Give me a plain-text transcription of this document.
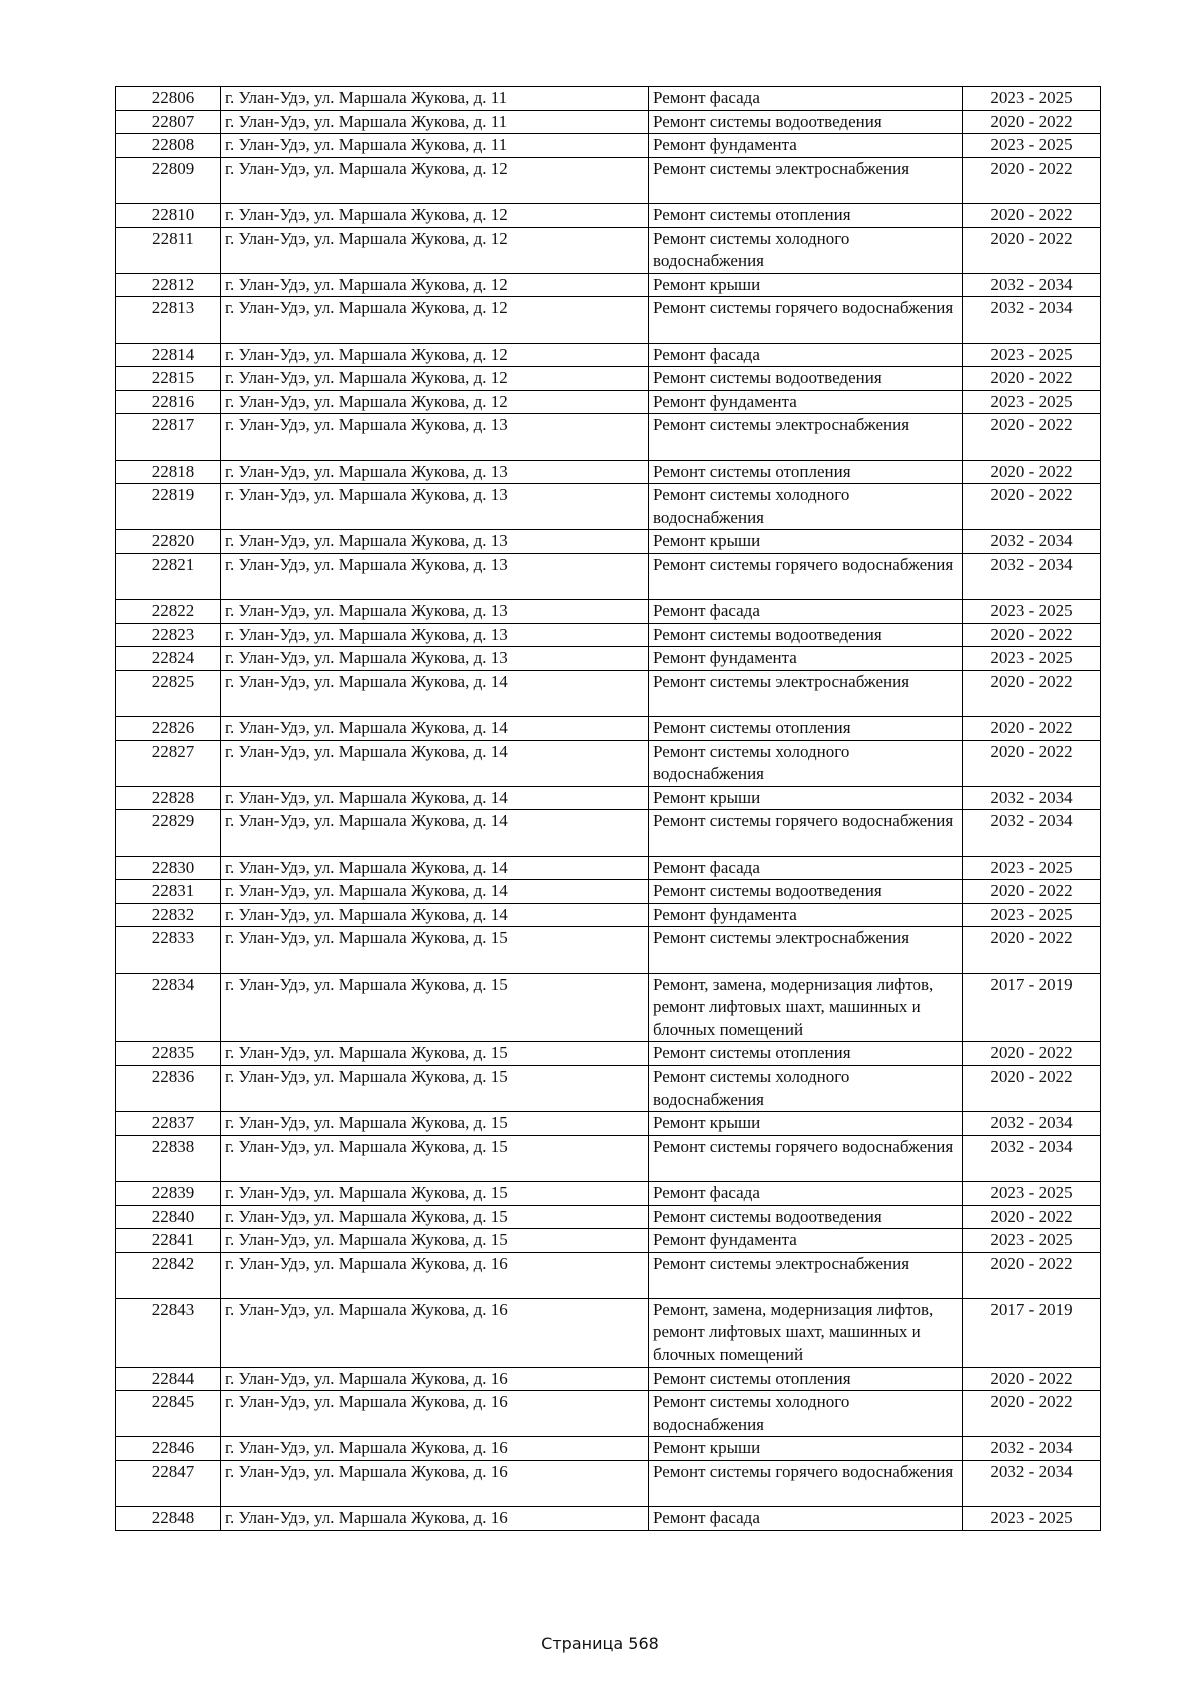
22806	г. Улан-Удэ, ул. Маршала Жукова, д. 11	Ремонт фасада	2023 - 2025
22807	г. Улан-Удэ, ул. Маршала Жукова, д. 11	Ремонт системы водоотведения	2020 - 2022
22808	г. Улан-Удэ, ул. Маршала Жукова, д. 11	Ремонт фундамента	2023 - 2025
22809	г. Улан-Удэ, ул. Маршала Жукова, д. 12	Ремонт системы электроснабжения	2020 - 2022
22810	г. Улан-Удэ, ул. Маршала Жукова, д. 12	Ремонт системы отопления	2020 - 2022
22811	г. Улан-Удэ, ул. Маршала Жукова, д. 12	Ремонт системы холодного водоснабжения	2020 - 2022
22812	г. Улан-Удэ, ул. Маршала Жукова, д. 12	Ремонт крыши	2032 - 2034
22813	г. Улан-Удэ, ул. Маршала Жукова, д. 12	Ремонт системы горячего водоснабжения	2032 - 2034
22814	г. Улан-Удэ, ул. Маршала Жукова, д. 12	Ремонт фасада	2023 - 2025
22815	г. Улан-Удэ, ул. Маршала Жукова, д. 12	Ремонт системы водоотведения	2020 - 2022
22816	г. Улан-Удэ, ул. Маршала Жукова, д. 12	Ремонт фундамента	2023 - 2025
22817	г. Улан-Удэ, ул. Маршала Жукова, д. 13	Ремонт системы электроснабжения	2020 - 2022
22818	г. Улан-Удэ, ул. Маршала Жукова, д. 13	Ремонт системы отопления	2020 - 2022
22819	г. Улан-Удэ, ул. Маршала Жукова, д. 13	Ремонт системы холодного водоснабжения	2020 - 2022
22820	г. Улан-Удэ, ул. Маршала Жукова, д. 13	Ремонт крыши	2032 - 2034
22821	г. Улан-Удэ, ул. Маршала Жукова, д. 13	Ремонт системы горячего водоснабжения	2032 - 2034
22822	г. Улан-Удэ, ул. Маршала Жукова, д. 13	Ремонт фасада	2023 - 2025
22823	г. Улан-Удэ, ул. Маршала Жукова, д. 13	Ремонт системы водоотведения	2020 - 2022
22824	г. Улан-Удэ, ул. Маршала Жукова, д. 13	Ремонт фундамента	2023 - 2025
22825	г. Улан-Удэ, ул. Маршала Жукова, д. 14	Ремонт системы электроснабжения	2020 - 2022
22826	г. Улан-Удэ, ул. Маршала Жукова, д. 14	Ремонт системы отопления	2020 - 2022
22827	г. Улан-Удэ, ул. Маршала Жукова, д. 14	Ремонт системы холодного водоснабжения	2020 - 2022
22828	г. Улан-Удэ, ул. Маршала Жукова, д. 14	Ремонт крыши	2032 - 2034
22829	г. Улан-Удэ, ул. Маршала Жукова, д. 14	Ремонт системы горячего водоснабжения	2032 - 2034
22830	г. Улан-Удэ, ул. Маршала Жукова, д. 14	Ремонт фасада	2023 - 2025
22831	г. Улан-Удэ, ул. Маршала Жукова, д. 14	Ремонт системы водоотведения	2020 - 2022
22832	г. Улан-Удэ, ул. Маршала Жукова, д. 14	Ремонт фундамента	2023 - 2025
22833	г. Улан-Удэ, ул. Маршала Жукова, д. 15	Ремонт системы электроснабжения	2020 - 2022
22834	г. Улан-Удэ, ул. Маршала Жукова, д. 15	Ремонт, замена, модернизация лифтов, ремонт лифтовых шахт, машинных и блочных помещений	2017 - 2019
22835	г. Улан-Удэ, ул. Маршала Жукова, д. 15	Ремонт системы отопления	2020 - 2022
22836	г. Улан-Удэ, ул. Маршала Жукова, д. 15	Ремонт системы холодного водоснабжения	2020 - 2022
22837	г. Улан-Удэ, ул. Маршала Жукова, д. 15	Ремонт крыши	2032 - 2034
22838	г. Улан-Удэ, ул. Маршала Жукова, д. 15	Ремонт системы горячего водоснабжения	2032 - 2034
22839	г. Улан-Удэ, ул. Маршала Жукова, д. 15	Ремонт фасада	2023 - 2025
22840	г. Улан-Удэ, ул. Маршала Жукова, д. 15	Ремонт системы водоотведения	2020 - 2022
22841	г. Улан-Удэ, ул. Маршала Жукова, д. 15	Ремонт фундамента	2023 - 2025
22842	г. Улан-Удэ, ул. Маршала Жукова, д. 16	Ремонт системы электроснабжения	2020 - 2022
22843	г. Улан-Удэ, ул. Маршала Жукова, д. 16	Ремонт, замена, модернизация лифтов, ремонт лифтовых шахт, машинных и блочных помещений	2017 - 2019
22844	г. Улан-Удэ, ул. Маршала Жукова, д. 16	Ремонт системы отопления	2020 - 2022
22845	г. Улан-Удэ, ул. Маршала Жукова, д. 16	Ремонт системы холодного водоснабжения	2020 - 2022
22846	г. Улан-Удэ, ул. Маршала Жукова, д. 16	Ремонт крыши	2032 - 2034
22847	г. Улан-Удэ, ул. Маршала Жукова, д. 16	Ремонт системы горячего водоснабжения	2032 - 2034
22848	г. Улан-Удэ, ул. Маршала Жукова, д. 16	Ремонт фасада	2023 - 2025
Страница 568
